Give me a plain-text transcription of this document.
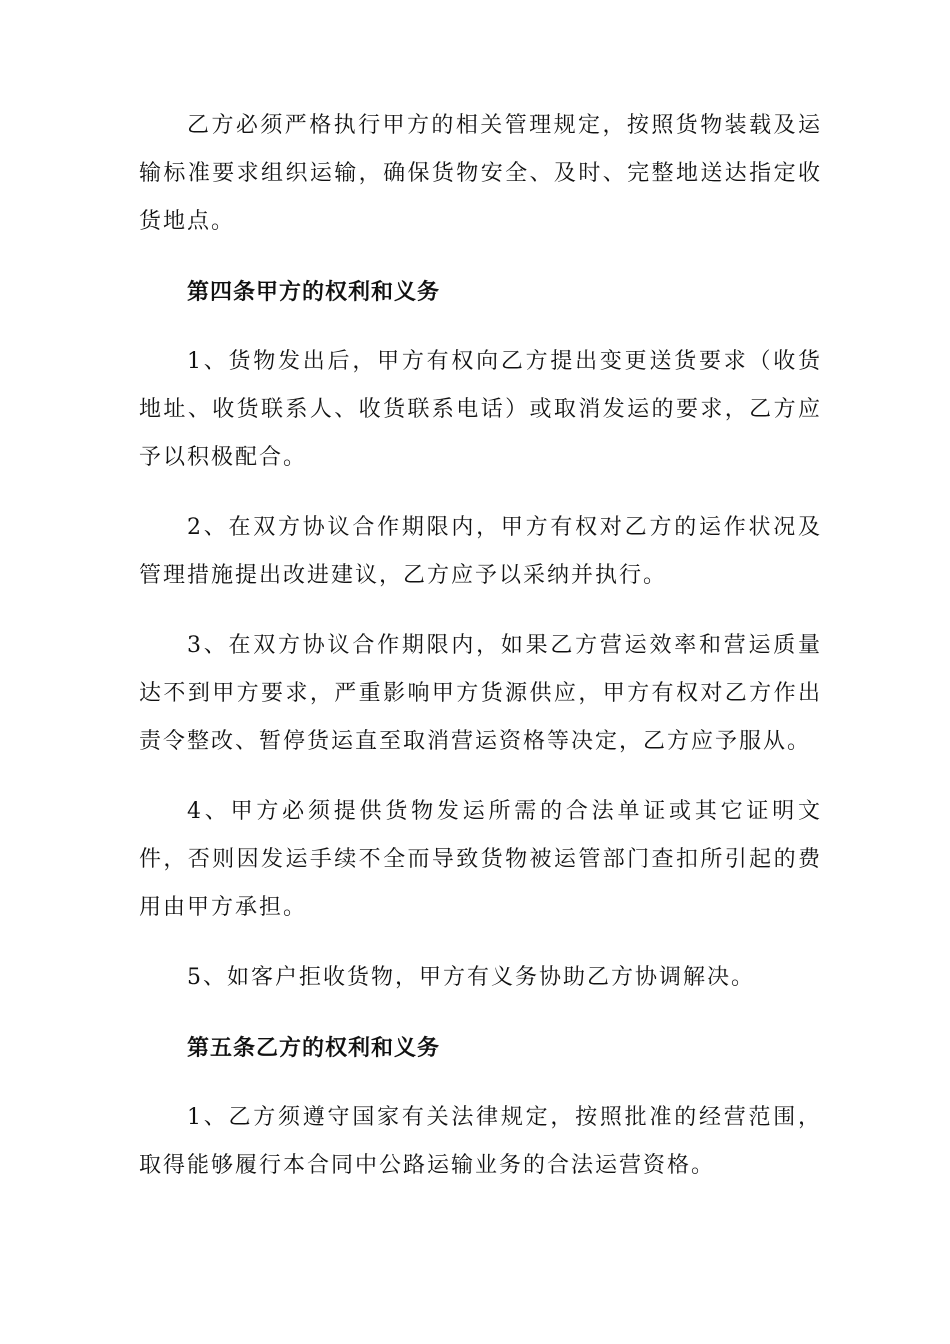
乙方必须严格执行甲方的相关管理规定，按照货物装载及运输标准要求组织运输，确保货物安全、及时、完整地送达指定收货地点。

第四条甲方的权利和义务

1、货物发出后，甲方有权向乙方提出变更送货要求（收货地址、收货联系人、收货联系电话）或取消发运的要求，乙方应予以积极配合。

2、在双方协议合作期限内，甲方有权对乙方的运作状况及管理措施提出改进建议，乙方应予以采纳并执行。

3、在双方协议合作期限内，如果乙方营运效率和营运质量达不到甲方要求，严重影响甲方货源供应，甲方有权对乙方作出责令整改、暂停货运直至取消营运资格等决定，乙方应予服从。

4、甲方必须提供货物发运所需的合法单证或其它证明文件，否则因发运手续不全而导致货物被运管部门查扣所引起的费用由甲方承担。

5、如客户拒收货物，甲方有义务协助乙方协调解决。

第五条乙方的权利和义务

1、乙方须遵守国家有关法律规定，按照批准的经营范围，取得能够履行本合同中公路运输业务的合法运营资格。
